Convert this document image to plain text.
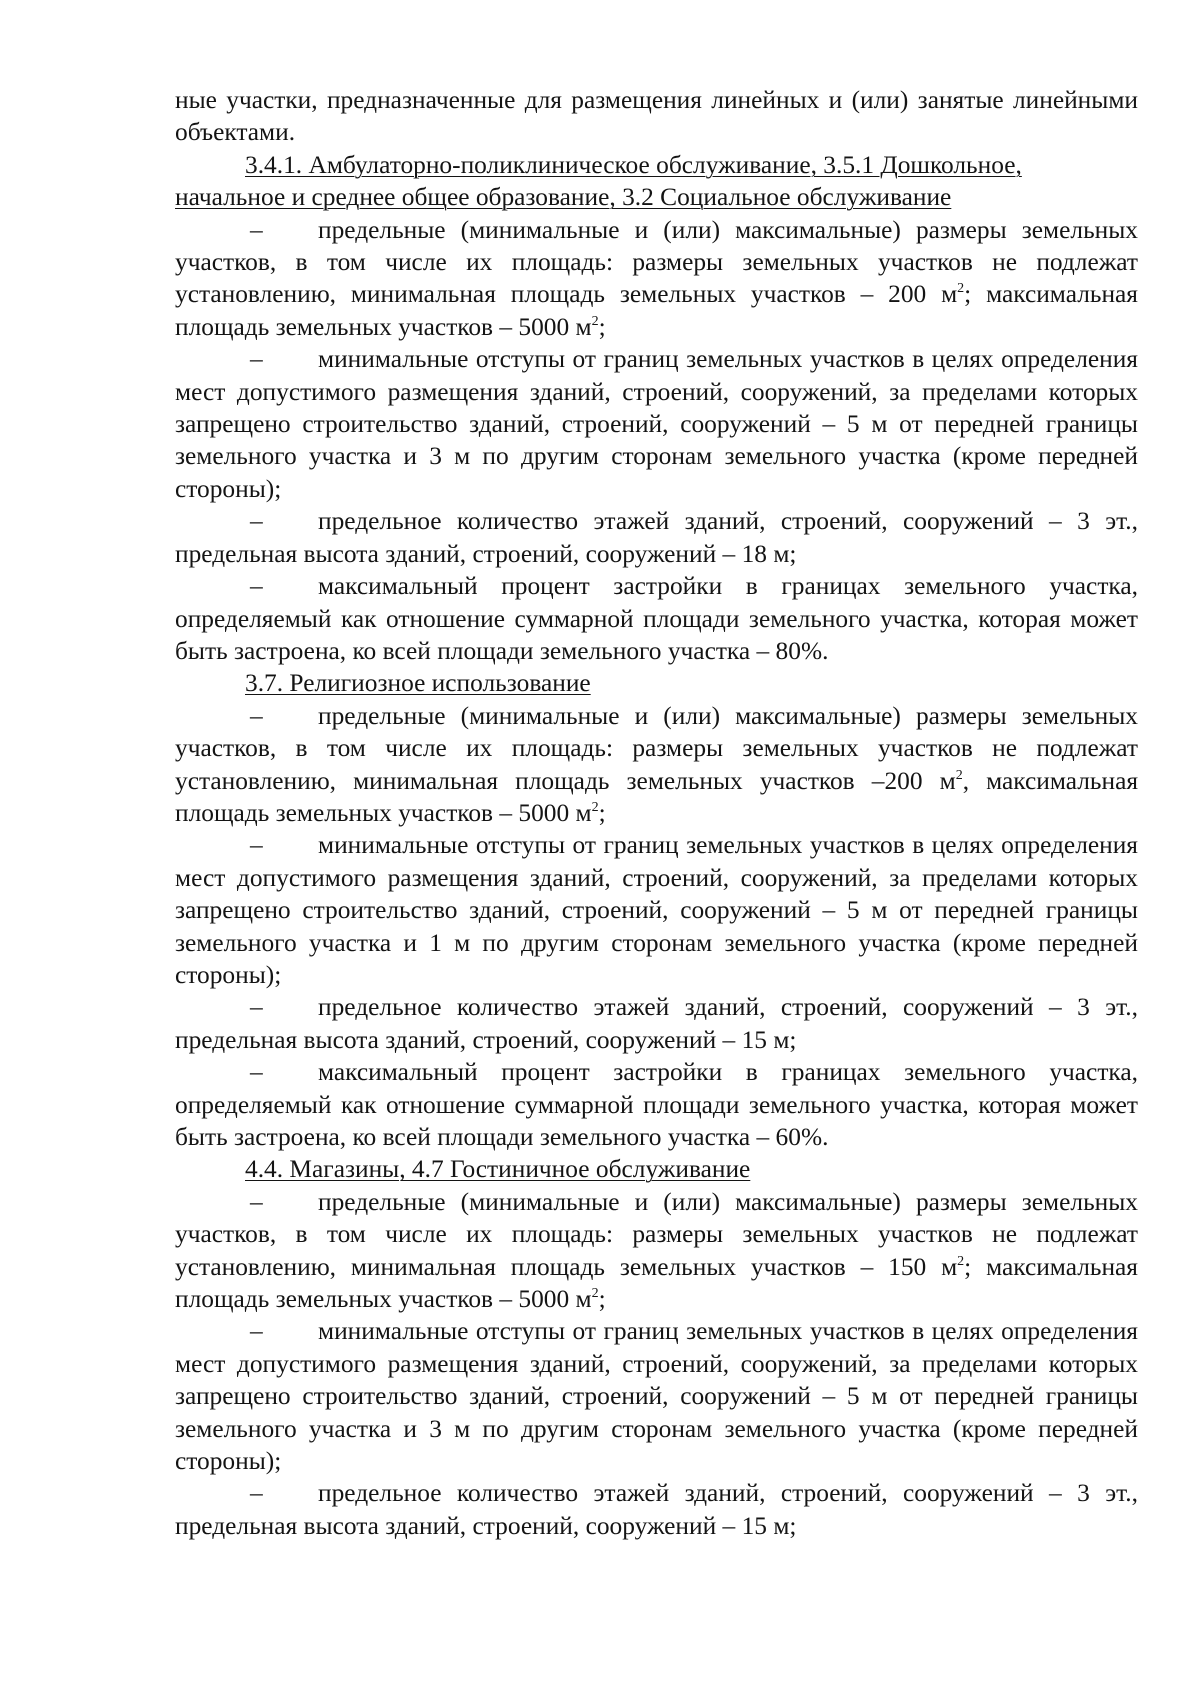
ные участки, предназначенные для размещения линейных и (или) занятые линейными объектами.

3.4.1. Амбулаторно-поликлиническое обслуживание, 3.5.1 Дошкольное, начальное и среднее общее образование, 3.2 Социальное обслуживание

– предельные (минимальные и (или) максимальные) размеры земельных участков, в том числе их площадь: размеры земельных участков не подлежат установлению, минимальная площадь земельных участков – 200 $м^2$; максимальная площадь земельных участков – 5000 $м^2$;

– минимальные отступы от границ земельных участков в целях определения мест допустимого размещения зданий, строений, сооружений, за пределами которых запрещено строительство зданий, строений, сооружений – 5 м от передней границы земельного участка и 3 м по другим сторонам земельного участка (кроме передней стороны);

– предельное количество этажей зданий, строений, сооружений – 3 эт., предельная высота зданий, строений, сооружений – 18 м;

– максимальный процент застройки в границах земельного участка, определяемый как отношение суммарной площади земельного участка, которая может быть застроена, ко всей площади земельного участка – 80%.

3.7. Религиозное использование

– предельные (минимальные и (или) максимальные) размеры земельных участков, в том числе их площадь: размеры земельных участков не подлежат установлению, минимальная площадь земельных участков –200 $м^2$, максимальная площадь земельных участков – 5000 $м^2$;

– минимальные отступы от границ земельных участков в целях определения мест допустимого размещения зданий, строений, сооружений, за пределами которых запрещено строительство зданий, строений, сооружений – 5 м от передней границы земельного участка и 1 м по другим сторонам земельного участка (кроме передней стороны);

– предельное количество этажей зданий, строений, сооружений – 3 эт., предельная высота зданий, строений, сооружений – 15 м;

– максимальный процент застройки в границах земельного участка, определяемый как отношение суммарной площади земельного участка, которая может быть застроена, ко всей площади земельного участка – 60%.

4.4. Магазины, 4.7 Гостиничное обслуживание

– предельные (минимальные и (или) максимальные) размеры земельных участков, в том числе их площадь: размеры земельных участков не подлежат установлению, минимальная площадь земельных участков – 150 $м^2$; максимальная площадь земельных участков – 5000 $м^2$;

– минимальные отступы от границ земельных участков в целях определения мест допустимого размещения зданий, строений, сооружений, за пределами которых запрещено строительство зданий, строений, сооружений – 5 м от передней границы земельного участка и 3 м по другим сторонам земельного участка (кроме передней стороны);

– предельное количество этажей зданий, строений, сооружений – 3 эт., предельная высота зданий, строений, сооружений – 15 м;
